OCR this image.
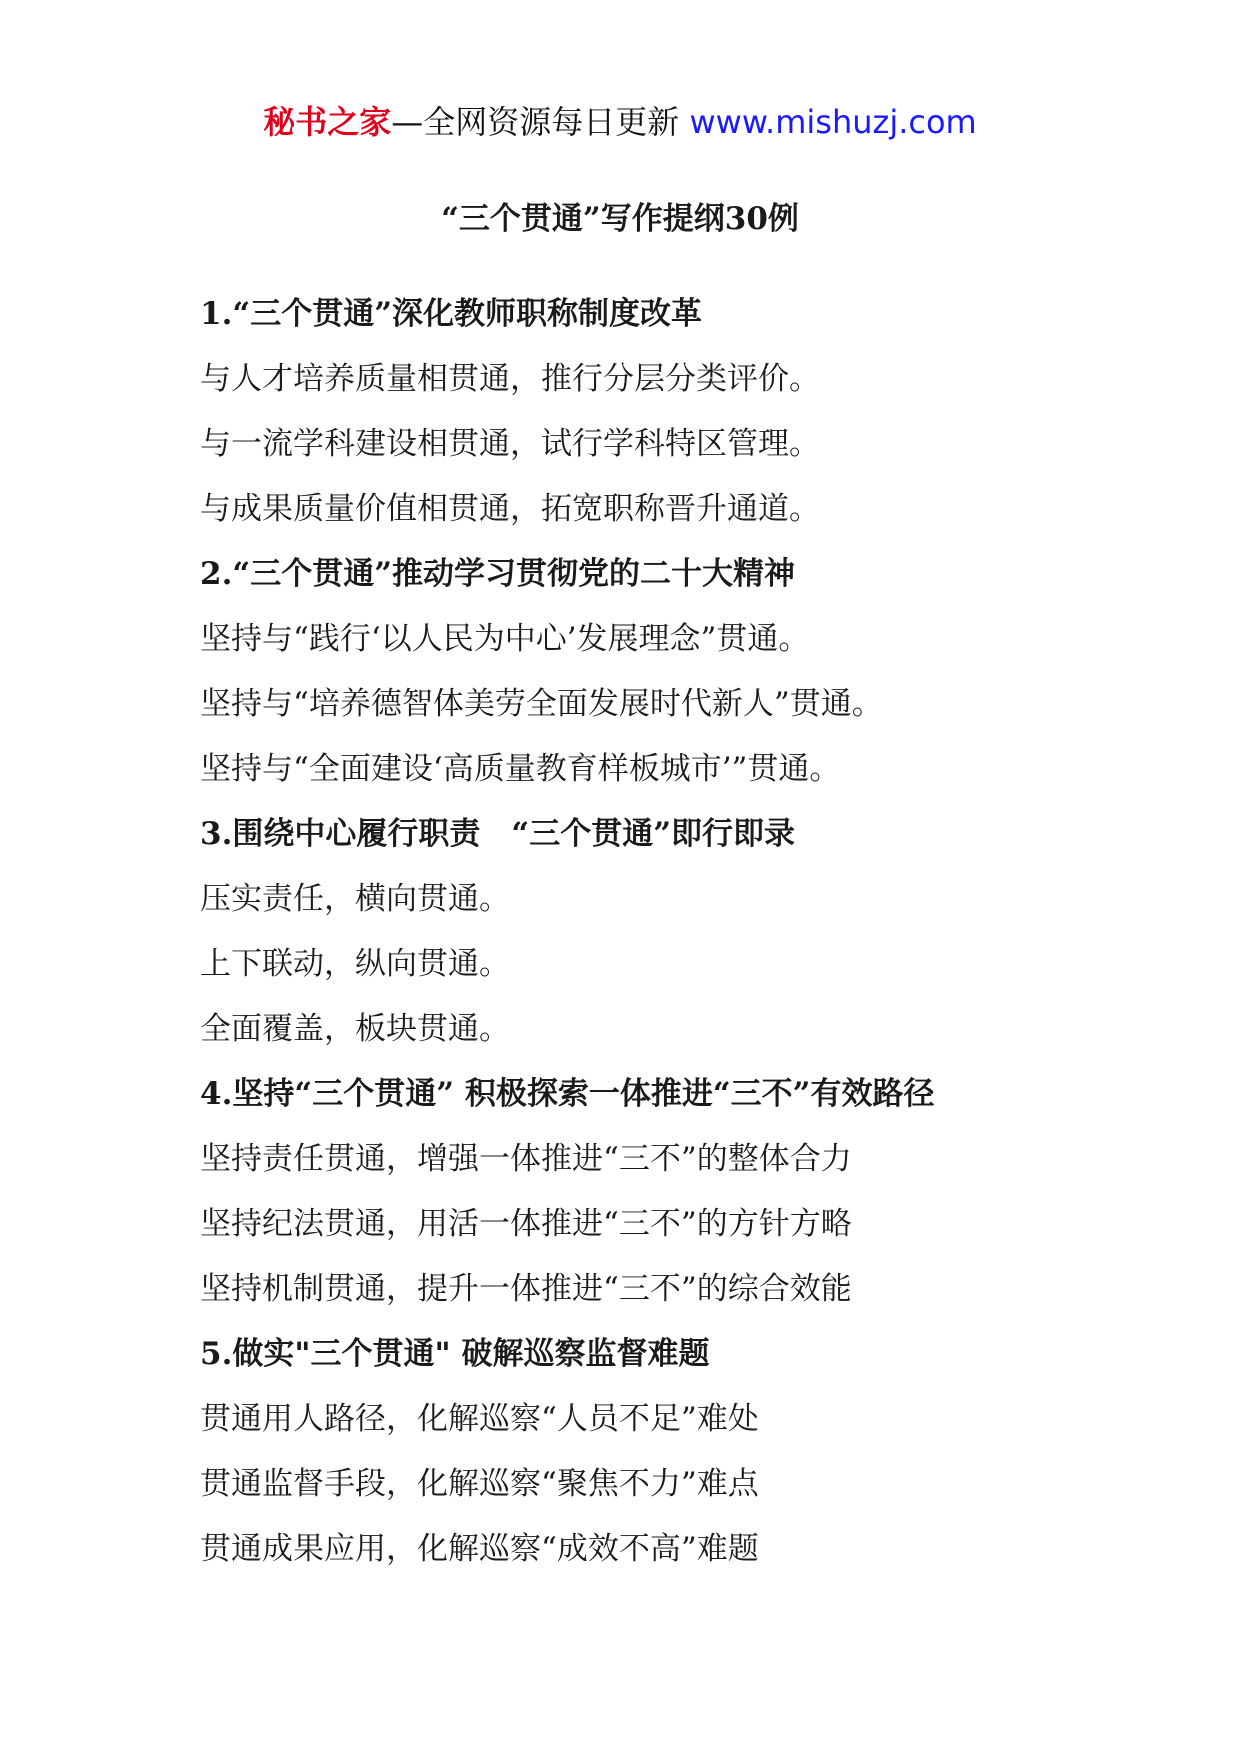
秘书之家—全网资源每日更新 www.mishuzj.com
“三个贯通”写作提纲30例
1.“三个贯通”深化教师职称制度改革
与人才培养质量相贯通，推行分层分类评价。
与一流学科建设相贯通，试行学科特区管理。
与成果质量价值相贯通，拓宽职称晋升通道。
2.“三个贯通”推动学习贯彻党的二十大精神
坚持与“践行‘以人民为中心’发展理念”贯通。
坚持与“培养德智体美劳全面发展时代新人”贯通。
坚持与“全面建设‘高质量教育样板城市’”贯通。
3.围绕中心履行职责　“三个贯通”即行即录
压实责任，横向贯通。
上下联动，纵向贯通。
全面覆盖，板块贯通。
4.坚持“三个贯通” 积极探索一体推进“三不”有效路径
坚持责任贯通，增强一体推进“三不”的整体合力
坚持纪法贯通，用活一体推进“三不”的方针方略
坚持机制贯通，提升一体推进“三不”的综合效能
5.做实"三个贯通" 破解巡察监督难题
贯通用人路径，化解巡察“人员不足”难处
贯通监督手段，化解巡察“聚焦不力”难点
贯通成果应用，化解巡察“成效不高”难题
